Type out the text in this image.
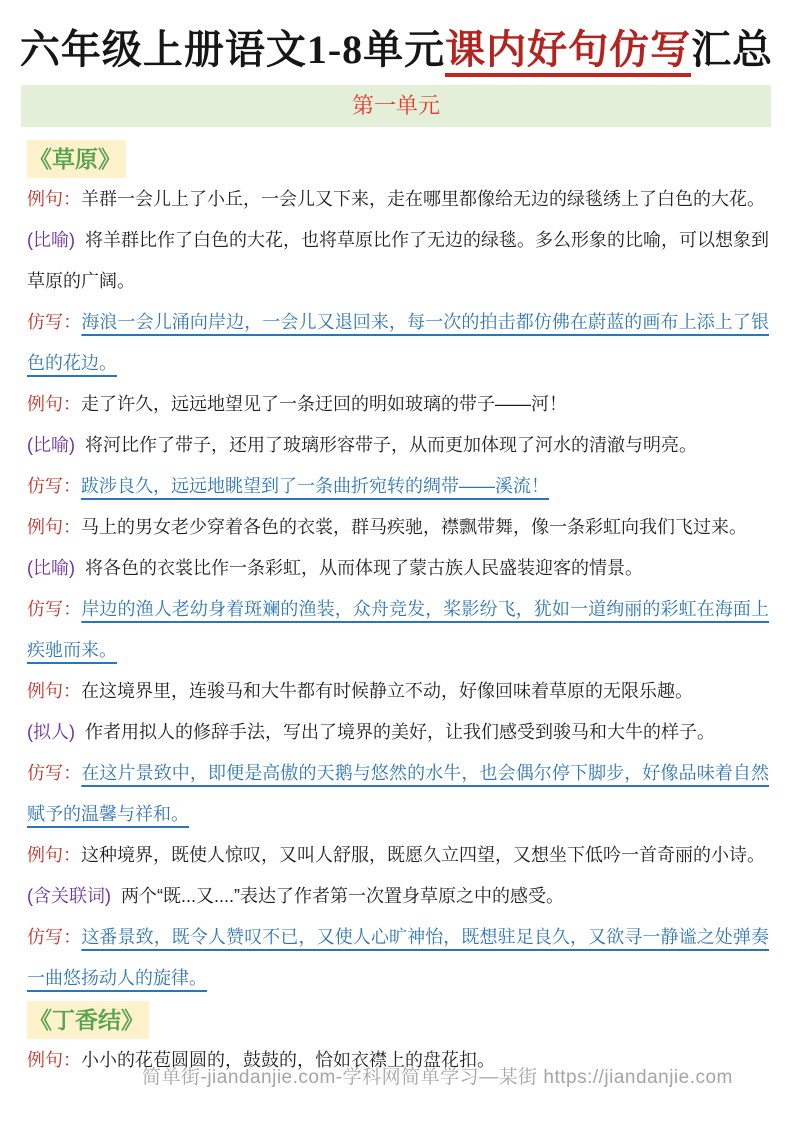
六年级上册语文1-8单元课内好句仿写汇总
第一单元
《草原》

例句：羊群一会儿上了小丘，一会儿又下来，走在哪里都像给无边的绿毯绣上了白色的大花。

(比喻) 将羊群比作了白色的大花，也将草原比作了无边的绿毯。多么形象的比喻，可以想象到草原的广阔。

仿写：海浪一会儿涌向岸边，一会儿又退回来，每一次的拍击都仿佛在蔚蓝的画布上添上了银色的花边。

例句：走了许久，远远地望见了一条迂回的明如玻璃的带子——河！

(比喻) 将河比作了带子，还用了玻璃形容带子，从而更加体现了河水的清澈与明亮。

仿写：跋涉良久，远远地眺望到了一条曲折宛转的绸带——溪流！

例句：马上的男女老少穿着各色的衣裳，群马疾驰，襟飘带舞，像一条彩虹向我们飞过来。

(比喻) 将各色的衣裳比作一条彩虹，从而体现了蒙古族人民盛装迎客的情景。

仿写：岸边的渔人老幼身着斑斓的渔装，众舟竞发，桨影纷飞，犹如一道绚丽的彩虹在海面上疾驰而来。

例句：在这境界里，连骏马和大牛都有时候静立不动，好像回味着草原的无限乐趣。

(拟人) 作者用拟人的修辞手法，写出了境界的美好，让我们感受到骏马和大牛的样子。

仿写：在这片景致中，即便是高傲的天鹅与悠然的水牛，也会偶尔停下脚步，好像品味着自然赋予的温馨与祥和。

例句：这种境界，既使人惊叹，又叫人舒服，既愿久立四望，又想坐下低吟一首奇丽的小诗。

(含关联词) 两个“既...又....”表达了作者第一次置身草原之中的感受。

仿写：这番景致，既令人赞叹不已，又使人心旷神怡，既想驻足良久，又欲寻一静谧之处弹奏一曲悠扬动人的旋律。

《丁香结》

例句：小小的花苞圆圆的，鼓鼓的，恰如衣襟上的盘花扣。

简单街-jiandanjie.com-学科网简单学习—某街 https://jiandanjie.com
